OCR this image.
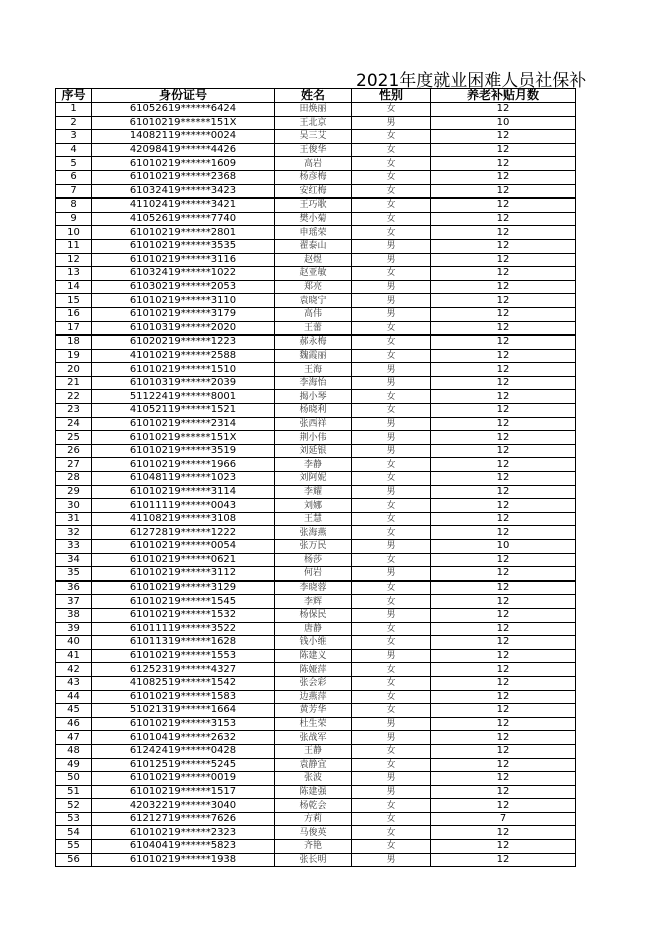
2021年度就业困难人员社保补
序号	身份证号	姓名	性别	养老补贴月数
1	61052619******6424	田焕丽	女	12
2	61010219******151X	王北京	男	10
3	14082119******0024	吴三艾	女	12
4	42098419******4426	王俊华	女	12
5	61010219******1609	高岩	女	12
6	61010219******2368	杨彦梅	女	12
7	61032419******3423	安红梅	女	12
8	41102419******3421	王巧歌	女	12
9	41052619******7740	樊小菊	女	12
10	61010219******2801	申瑶荣	女	12
11	61010219******3535	翟泰山	男	12
12	61010219******3116	赵煜	男	12
13	61032419******1022	赵亚敏	女	12
14	61030219******2053	郑亮	男	12
15	61010219******3110	袁晓宁	男	12
16	61010219******3179	高伟	男	12
17	61010319******2020	王蕾	女	12
18	61020219******1223	郝永梅	女	12
19	41010219******2588	魏霞丽	女	12
20	61010219******1510	王海	男	12
21	61010319******2039	李海怡	男	12
22	51122419******8001	揭小琴	女	12
23	41052119******1521	杨晓利	女	12
24	61010219******2314	张西祥	男	12
25	61010219******151X	荆小伟	男	12
26	61010219******3519	刘延银	男	12
27	61010219******1966	李静	女	12
28	61048119******1023	刘阿妮	女	12
29	61010219******3114	李耀	男	12
30	61011119******0043	刘娜	女	12
31	41108219******3108	王慧	女	12
32	61272819******1222	张海燕	女	12
33	61010219******0054	张万民	男	10
34	61010219******0621	杨莎	女	12
35	61010219******3112	何岩	男	12
36	61010219******3129	李晓蓉	女	12
37	61010219******1545	李辉	女	12
38	61010219******1532	杨保民	男	12
39	61011119******3522	唐静	女	12
40	61011319******1628	钱小维	女	12
41	61010219******1553	陈建义	男	12
42	61252319******4327	陈娅萍	女	12
43	41082519******1542	张会彩	女	12
44	61010219******1583	边燕萍	女	12
45	51021319******1664	黄芳华	女	12
46	61010219******3153	杜生荣	男	12
47	61010419******2632	张战军	男	12
48	61242419******0428	王静	女	12
49	61012519******5245	袁静宜	女	12
50	61010219******0019	张波	男	12
51	61010219******1517	陈建强	男	12
52	42032219******3040	杨乾会	女	12
53	61212719******7626	方莉	女	7
54	61010219******2323	马俊英	女	12
55	61040419******5823	齐艳	女	12
56	61010219******1938	张长明	男	12
